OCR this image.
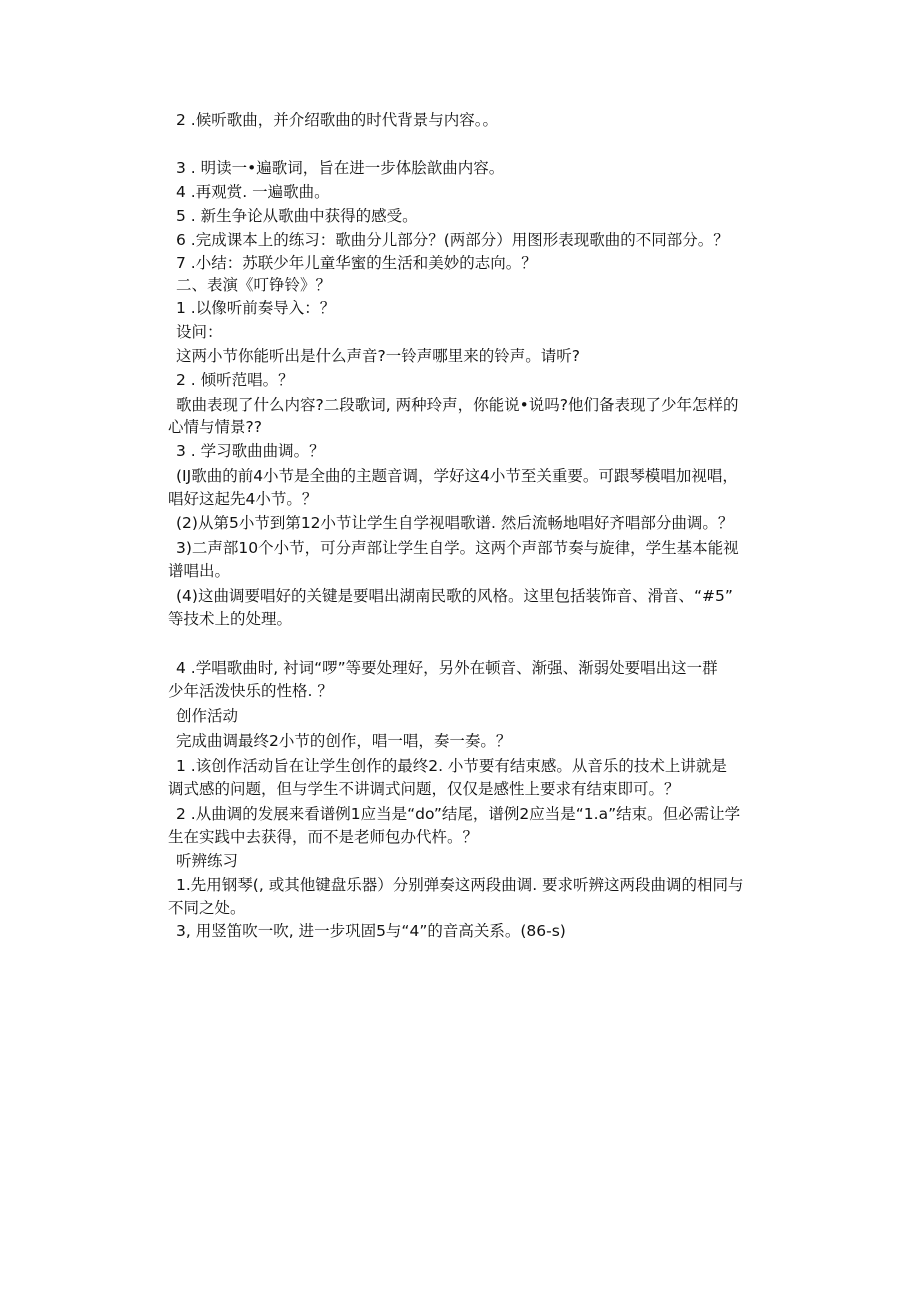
2 .候听歌曲，并介绍歌曲的时代背景与内容。。
3 . 明读一•遍歌词，旨在进一步体脍歆曲内容。
4 .再观赏. 一遍歌曲。
5 . 新生争论从歌曲中获得的感受。
6 .完成课本上的练习：歌曲分儿部分？(两部分）用图形表现歌曲的不同部分。？
7 .小结：苏联少年儿童华蜜的生活和美妙的志向。？
二、表演《叮铮铃》？
1 .以像听前奏导入：？
设问：
这两小节你能听出是什么声音?一铃声哪里来的铃声。请听?
2 . 倾听范唱。？
歌曲表现了什么内容?二段歌词, 两种玲声，你能说•说吗?他们备表现了少年怎样的
心情与情景??
3 . 学习歌曲曲调。？
(IJ歌曲的前4小节是全曲的主题音调，学好这4小节至关重要。可跟琴模唱加视唱，
唱好这起先4小节。？
(2)从第5小节到第12小节让学生自学视唱歌谱. 然后流畅地唱好齐唱部分曲调。？
3)二声部10个小节，可分声部让学生自学。这两个声部节奏与旋律，学生基本能视
谱唱出。
(4)这曲调要唱好的关键是要唱出湖南民歌的风格。这里包括装饰音、滑音、“#5”
等技术上的处理。
4 .学唱歌曲时, 衬词“啰”等要处理好，另外在顿音、渐强、渐弱处要唱出这一群
少年活泼快乐的性格. ？
创作活动
完成曲调最终2小节的创作，唱一唱，奏一奏。？
1 .该创作活动旨在让学生创作的最终2. 小节要有结束感。从音乐的技术上讲就是
调式感的问题，但与学生不讲调式问题，仅仅是感性上要求有结束即可。？
2 .从曲调的发展来看谱例1应当是“do”结尾，谱例2应当是“1.a”结束。但必需让学
生在实践中去获得，而不是老师包办代杵。？
听辨练习
1.先用钢琴(, 或其他键盘乐器）分别弹奏这两段曲调. 要求听辨这两段曲调的相同与
不同之处。
3, 用竖笛吹一吹, 进一步巩固5与“4”的音高关系。(86-s)
